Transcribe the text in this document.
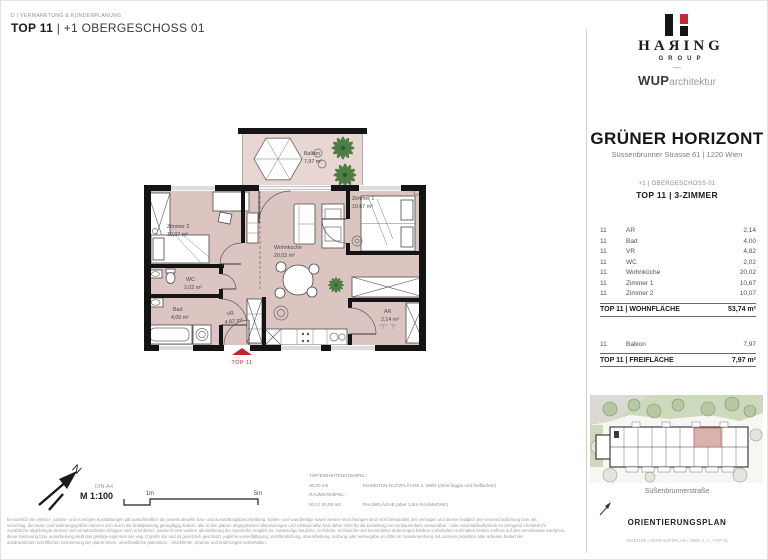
D | VERMARKTUNG & KUNDENPLANUNG
TOP 11 | +1 OBERGESCHOSS 01
Balkon
7,97 m²
Zimmer 2
10,07 m²
Wohnküche
20,02 m²
Zimmer 1
10,67 m²
WC
2,02 m²
Bad
4,00 m²
VR
4,82 m²
AR
2,14 m²
TOP 11
HAЯING
GROUP
—
WUParchitektur
GRÜNER HORIZONT
Süssenbrunner Strasse 61 | 1220 Wien
+1 | OBERGESCHOSS 01
TOP 11 | 3-ZIMMER
11	AR	2,14
11	Bad	4,00
11	VR	4,82
11	WC	2,02
11	Wohnküche	20,02
11	Zimmer 1	10,67
11	Zimmer 2	10,07
TOP 11 | WOHNFLÄCHE	53,74 m²
11	Balkon	7,97
TOP 11 | FREIFLÄCHE	7,97 m²
Süßenbrunnerstraße
ORIENTIERUNGSPLAN
20251105 | VERKAUFSPLAN | SBW-1_A_TOP-11
N
DIN-A4
M 1:100	1m	5m
TOP/EINHEITENSTEMPEL:
00,00 m2	EINHEITEN-NUTZFLÄCHE lt. WBO (ohne loggia und freiflächen)
RAUMSTEMPEL:
00,0 | 00,00 m2	RAUMFLÄCHE (über 1,5m RAUMHÖHE)
hinsichtlich der elektro-, sanitär- und sonstigen ausstattungen gilt ausschließlich die jeweils aktuelle bau- und ausstattungsbeschreibung. boden- und wandbeläge sowie weitere einrichtungen sind nicht bestandteil des vertrages und dienen lediglich der veranschaulichung bzw. als
vorschlag. die raum- und wohnungsgrößen können sich durch die detailplanung geringfügig ändern. alle in den plänen angegebenen abmessungen und rohbaumaße sind daher nicht für die bestellung von einbaumöbeln verwendbar - eine naturmaßaufnahme ist zwingend erforderlich!
zusätzliche abgehängte decken und vorsatzschalen erfolgen nach erfordernis, wodurch eine weitere abminderung der raumhöhe möglich ist. notwendige bauliche, rechtliche, technische und konstruktive änderungen bleiben vorbehalten und haben keinen einfluss auf den vereinbarten kaufpreis.
diese zeichnung bzw. ausarbeitung stellt das geistige eigentum der wup zt gmbh dar und ist gesetzlich geschützt. jegliche vervielfältigung, veröffentlichung, überarbeitung, nutzung oder weitergabe an dritte im zusammenhang mit anderen projekten oder arbeiten bedarf der
ausdrücklichen schriftlichen zustimmung der planer:innen. unverbindliche planskizze - druckfehler, irrtümer und änderungen vorbehalten.
